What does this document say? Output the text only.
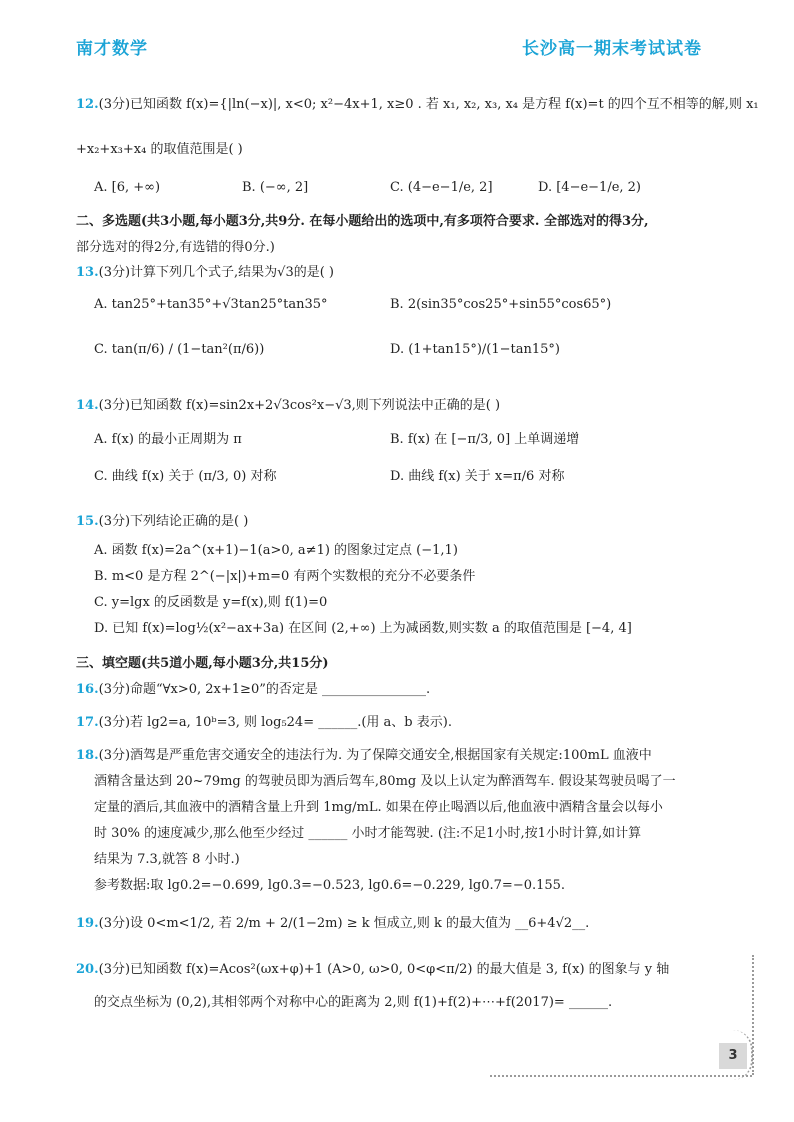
南才数学	长沙高一期末考试试卷
12.(3分)已知函数 f(x)={|ln(−x)|, x<0; x²−4x+1, x≥0 . 若 x₁, x₂, x₃, x₄ 是方程 f(x)=t 的四个互不相等的解,则 x₁
+x₂+x₃+x₄ 的取值范围是( )
A. [6, +∞)	B. (−∞, 2]	C. (4−e−1/e, 2]	D. [4−e−1/e, 2)
二、多选题(共3小题,每小题3分,共9分. 在每小题给出的选项中,有多项符合要求. 全部选对的得3分,
部分选对的得2分,有选错的得0分.)
13.(3分)计算下列几个式子,结果为√3的是( )
A. tan25°+tan35°+√3tan25°tan35°	B. 2(sin35°cos25°+sin55°cos65°)
C. tan(π/6) / (1−tan²(π/6))	D. (1+tan15°)/(1−tan15°)
14.(3分)已知函数 f(x)=sin2x+2√3cos²x−√3,则下列说法中正确的是( )
A. f(x) 的最小正周期为 π	B. f(x) 在 [−π/3, 0] 上单调递增
C. 曲线 f(x) 关于 (π/3, 0) 对称	D. 曲线 f(x) 关于 x=π/6 对称
15.(3分)下列结论正确的是( )
A. 函数 f(x)=2a^(x+1)−1(a>0, a≠1) 的图象过定点 (−1,1)
B. m<0 是方程 2^(−|x|)+m=0 有两个实数根的充分不必要条件
C. y=lgx 的反函数是 y=f(x),则 f(1)=0
D. 已知 f(x)=log½(x²−ax+3a) 在区间 (2,+∞) 上为减函数,则实数 a 的取值范围是 [−4, 4]
三、填空题(共5道小题,每小题3分,共15分)
16.(3分)命题“∀x>0, 2x+1≥0”的否定是 ________________.
17.(3分)若 lg2=a, 10ᵇ=3, 则 log₅24= ______.(用 a、b 表示).
18.(3分)酒驾是严重危害交通安全的违法行为. 为了保障交通安全,根据国家有关规定:100mL 血液中
酒精含量达到 20~79mg 的驾驶员即为酒后驾车,80mg 及以上认定为醉酒驾车. 假设某驾驶员喝了一
定量的酒后,其血液中的酒精含量上升到 1mg/mL. 如果在停止喝酒以后,他血液中酒精含量会以每小
时 30% 的速度减少,那么他至少经过 ______ 小时才能驾驶. (注:不足1小时,按1小时计算,如计算
结果为 7.3,就答 8 小时.)
参考数据:取 lg0.2=−0.699, lg0.3=−0.523, lg0.6=−0.229, lg0.7=−0.155.
19.(3分)设 0<m<1/2, 若 2/m + 2/(1−2m) ≥ k 恒成立,则 k 的最大值为 __6+4√2__.
20.(3分)已知函数 f(x)=Acos²(ωx+φ)+1 (A>0, ω>0, 0<φ<π/2) 的最大值是 3, f(x) 的图象与 y 轴
的交点坐标为 (0,2),其相邻两个对称中心的距离为 2,则 f(1)+f(2)+⋯+f(2017)= ______.
3
